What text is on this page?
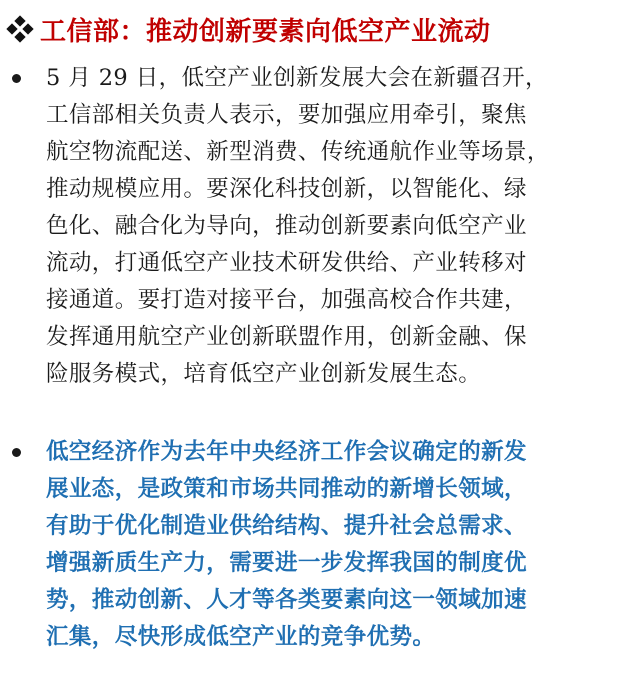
工信部：推动创新要素向低空产业流动
5 月 29 日，低空产业创新发展大会在新疆召开，
工信部相关负责人表示，要加强应用牵引，聚焦
航空物流配送、新型消费、传统通航作业等场景，
推动规模应用。要深化科技创新，以智能化、绿
色化、融合化为导向，推动创新要素向低空产业
流动，打通低空产业技术研发供给、产业转移对
接通道。要打造对接平台，加强高校合作共建，
发挥通用航空产业创新联盟作用，创新金融、保
险服务模式，培育低空产业创新发展生态。
低空经济作为去年中央经济工作会议确定的新发
展业态，是政策和市场共同推动的新增长领域，
有助于优化制造业供给结构、提升社会总需求、
增强新质生产力，需要进一步发挥我国的制度优
势，推动创新、人才等各类要素向这一领域加速
汇集，尽快形成低空产业的竞争优势。
